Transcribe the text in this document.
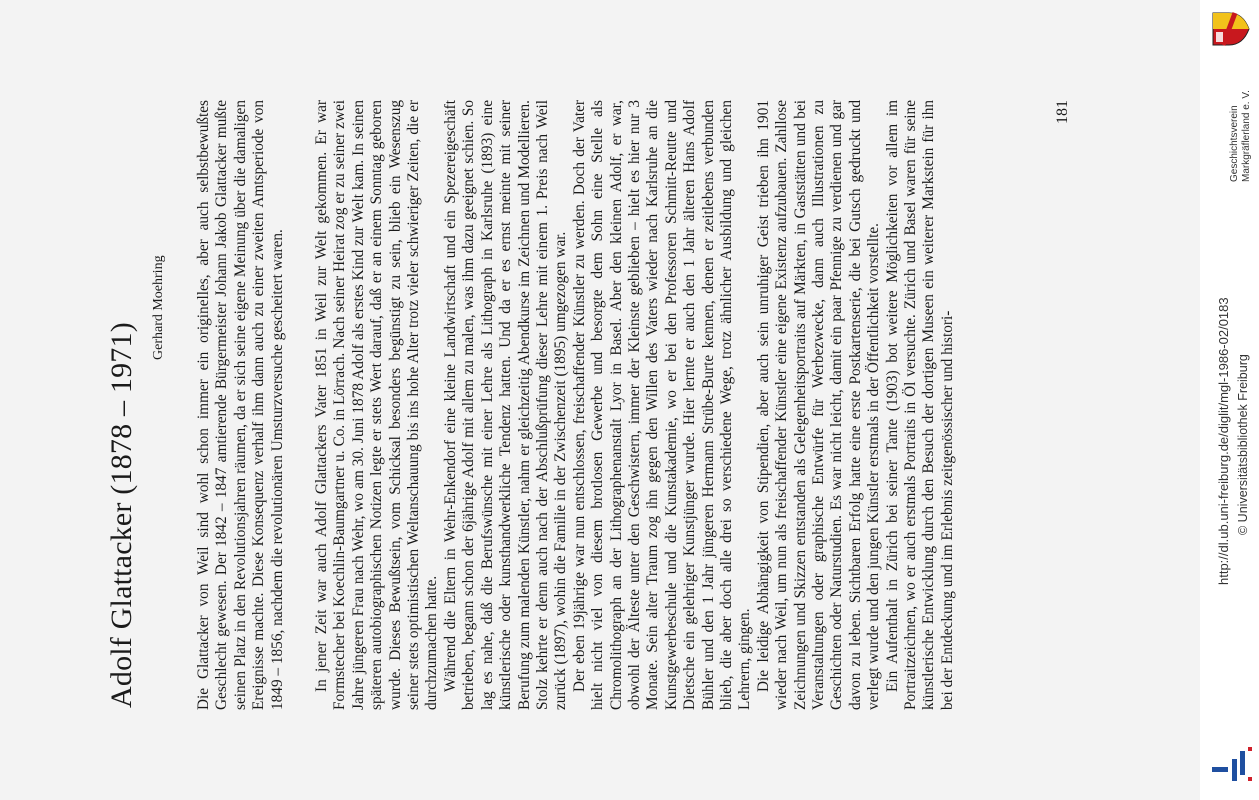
Adolf Glattacker (1878 – 1971)
Gerhard Moehring Die Glattacker von Weil sind wohl schon immer ein originelles, aber auch selbstbewußtes Geschlecht gewesen. Der 1842 – 1847 amtierende Bürgermeister Johann Jakob Glattacker mußte seinen Platz in den Revolutionsjahren räumen, da er sich seine eigene Meinung über die damaligen Ereignisse machte. Diese Konsequenz verhalf ihm dann auch zu einer zweiten Amtsperiode von 1849 – 1856, nachdem die revolutionären Umsturzversuche gescheitert waren. In jener Zeit war auch Adolf Glattackers Vater 1851 in Weil zur Welt gekommen. Er war Formstecher bei Koechlin-Baumgartner u. Co. in Lörrach. Nach seiner Heirat zog er zu seiner zwei Jahre jüngeren Frau nach Wehr, wo am 30. Juni 1878 Adolf als erstes Kind zur Welt kam. In seinen späteren autobiographischen Notizen legte er stets Wert darauf, daß er an einem Sonntag geboren wurde. Dieses Bewußtsein, vom Schicksal besonders begünstigt zu sein, blieb ein Wesenszug seiner stets optimistischen Weltanschauung bis ins hohe Alter trotz vieler schwieriger Zeiten, die er durchzumachen hatte. Während die Eltern in Wehr-Enkendorf eine kleine Landwirtschaft und ein Spezereigeschäft betrieben, begann schon der 6jährige Adolf mit allem zu malen, was ihm dazu geeignet schien. So lag es nahe, daß die Berufswünsche mit einer Lehre als Lithograph in Karlsruhe (1893) eine künstlerische oder kunsthandwerkliche Tendenz hatten. Und da er es ernst meinte mit seiner Berufung zum malenden Künstler, nahm er gleichzeitig Abendkurse im Zeichnen und Modellieren. Stolz kehrte er denn auch nach der Abschlußprüfung dieser Lehre mit einem 1. Preis nach Weil zurück (1897), wohin die Familie in der Zwischenzeit (1895) umgezogen war. Der eben 19jährige war nun entschlossen, freischaffender Künstler zu werden. Doch der Vater hielt nicht viel von diesem brotlosen Gewerbe und besorgte dem Sohn eine Stelle als Chromolithograph an der Lithographenanstalt Lyor in Basel. Aber den kleinen Adolf, er war, obwohl der Älteste unter den Geschwistern, immer der Kleinste geblieben – hielt es hier nur 3 Monate. Sein alter Traum zog ihn gegen den Willen des Vaters wieder nach Karlsruhe an die Kunstgewerbeschule und die Kunstakademie, wo er bei den Professoren Schmitt-Reutte und Dietsche ein gelehriger Kunstjünger wurde. Hier lernte er auch den 1 Jahr älteren Hans Adolf Bühler und den 1 Jahr jüngeren Hermann Strübe-Burte kennen, denen er zeitlebens verbunden blieb, die aber doch alle drei so verschiedene Wege, trotz ähnlicher Ausbildung und gleichen Lehrern, gingen. Die leidige Abhängigkeit von Stipendien, aber auch sein unruhiger Geist trieben ihn 1901 wieder nach Weil, um nun als freischaffender Künstler eine eigene Existenz aufzubauen. Zahllose Zeichnungen und Skizzen entstanden als Gelegenheitsportraits auf Märkten, in Gaststätten und bei Veranstaltungen oder graphische Entwürfe für Werbezwecke, dann auch Illustrationen zu Geschichten oder Naturstudien. Es war nicht leicht, damit ein paar Pfennige zu verdienen und gar davon zu leben. Sichtbaren Erfolg hatte eine erste Postkartenserie, die bei Gutsch gedruckt und verlegt wurde und den jungen Künstler erstmals in der Öffentlichkeit vorstellte. Ein Aufenthalt in Zürich bei seiner Tante (1903) bot weitere Möglichkeiten vor allem im Portraitzeichnen, wo er auch erstmals Portraits in Öl versuchte. Zürich und Basel waren für seine künstlerische Entwicklung durch den Besuch der dortigen Museen ein weiterer Markstein für ihn bei der Entdeckung und im Erlebnis zeitgenössischer und histori-

181	Geschichtsverein Markgräflerland e. V.
http://dl.ub.uni-freiburg.de/diglit/mgl-1986-02/0183 © Universitätsbibliothek Freiburg
